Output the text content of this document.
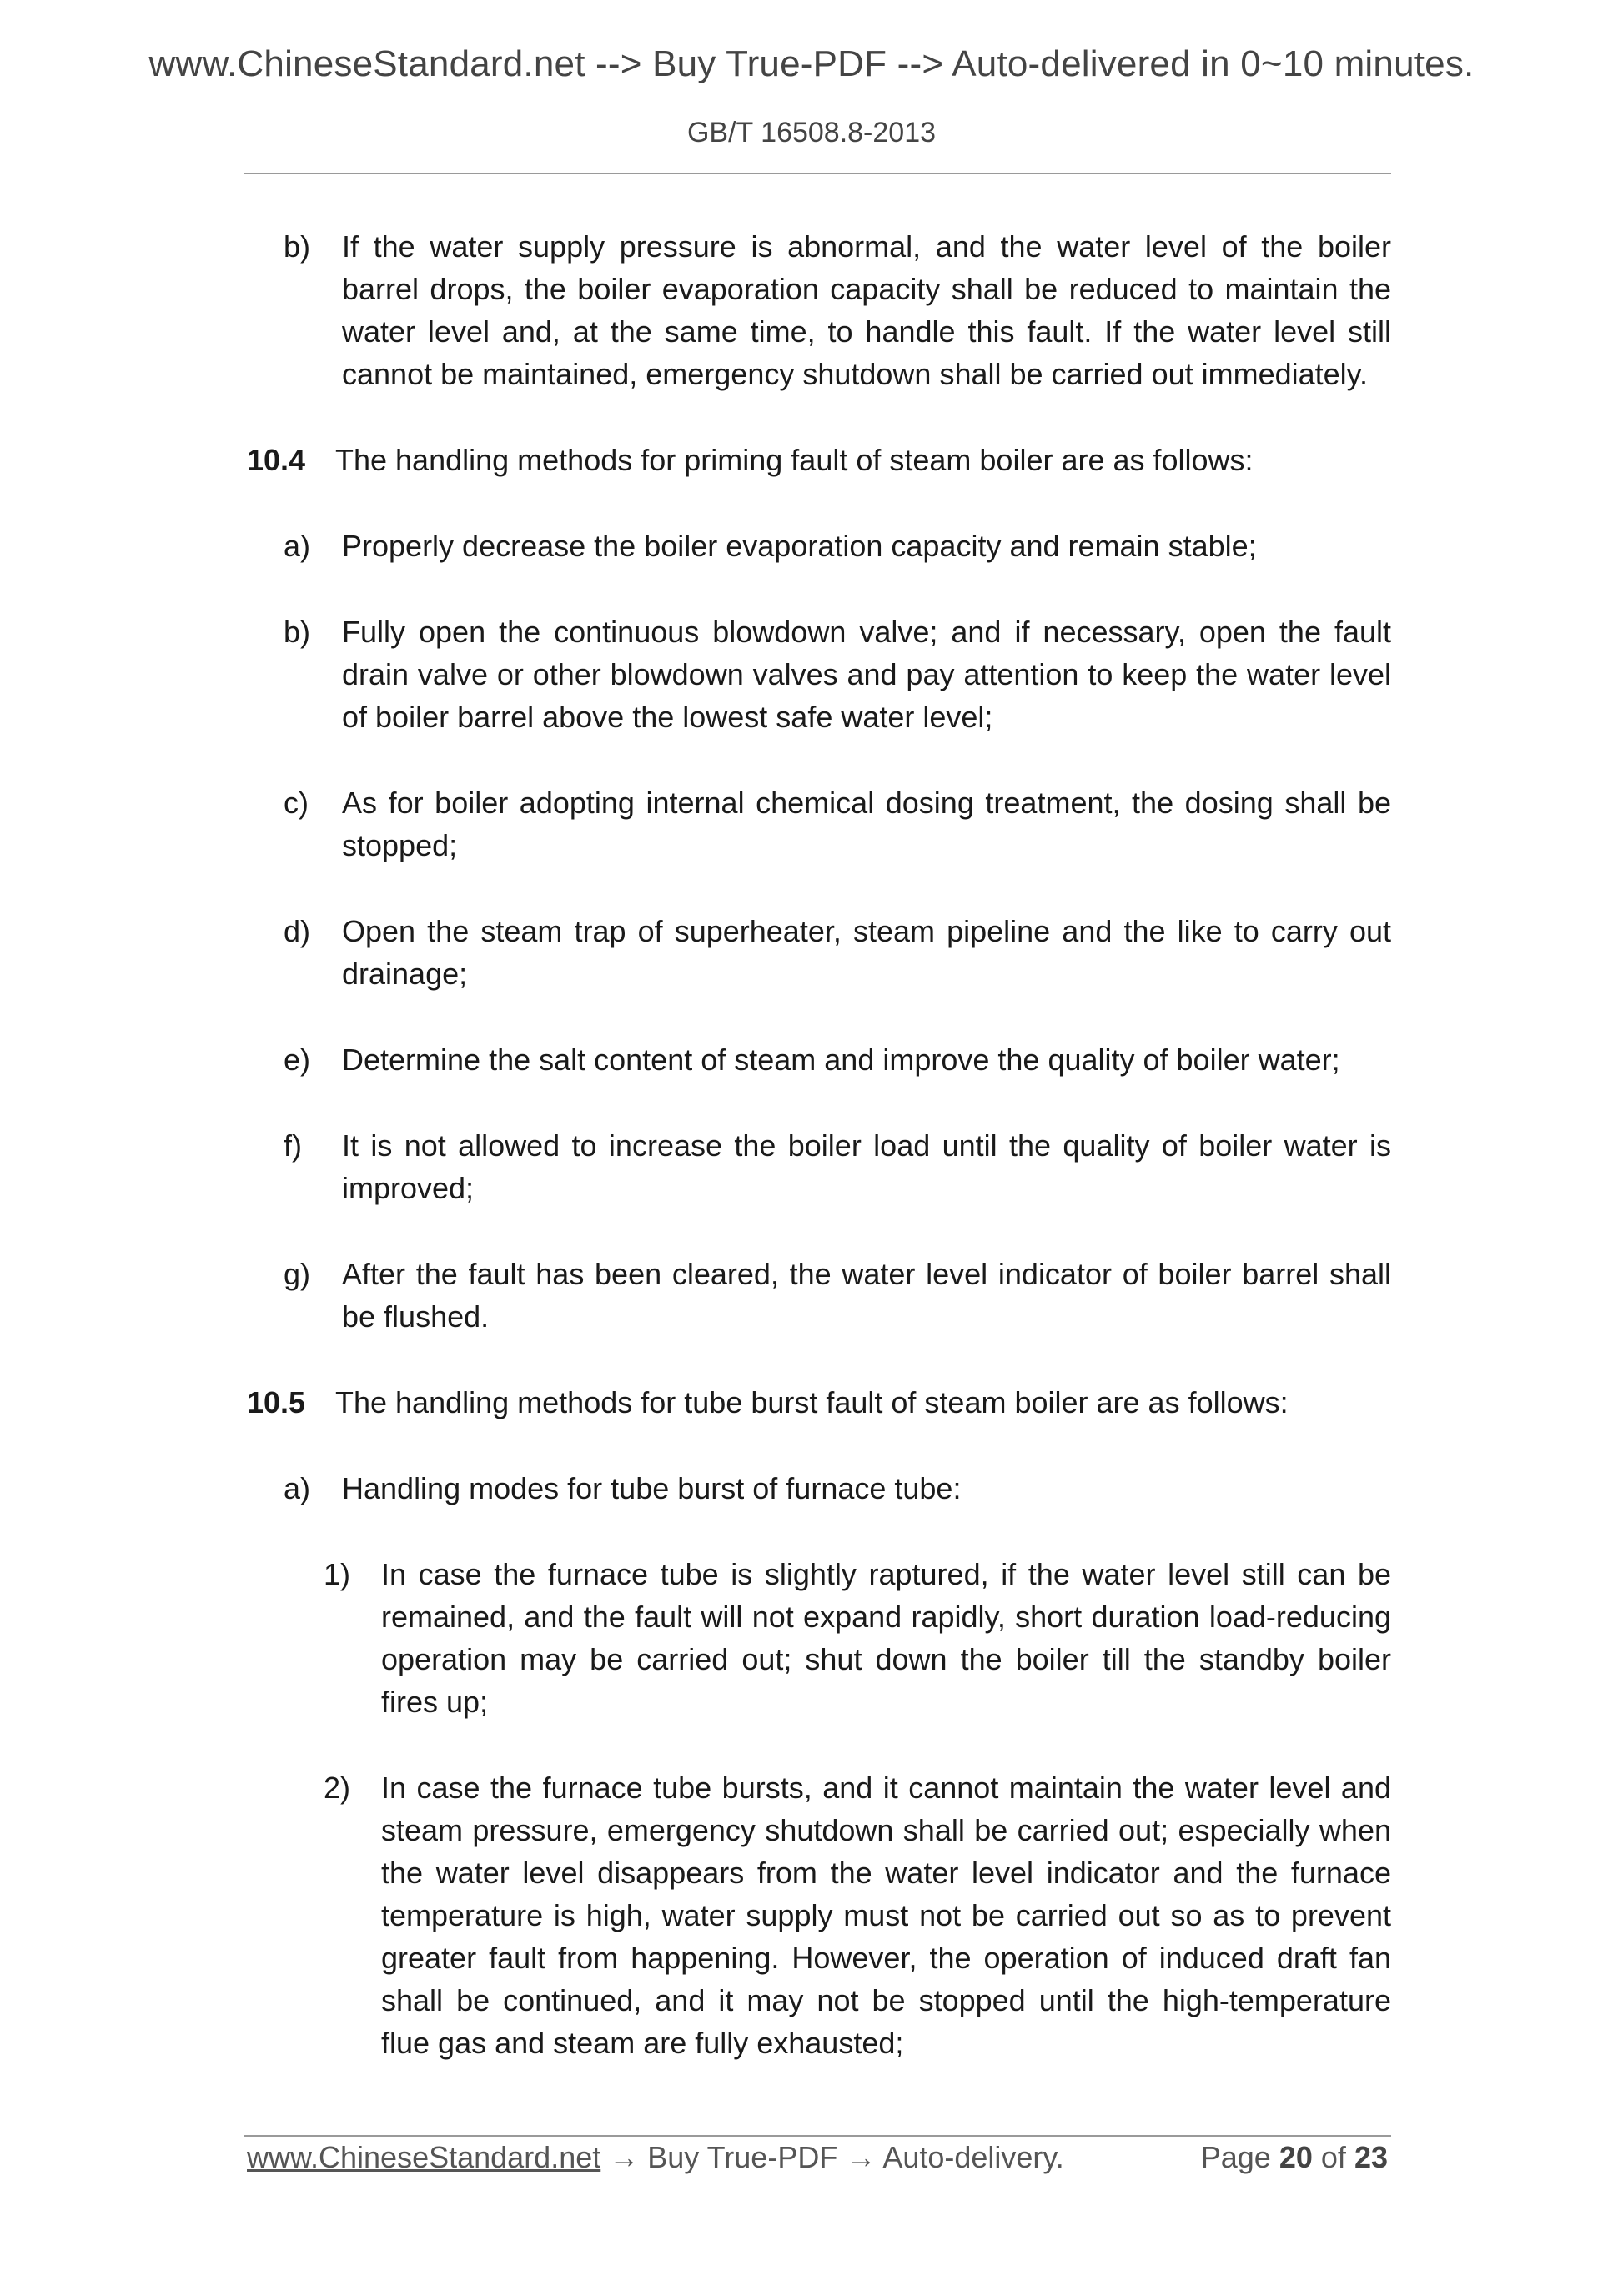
www.ChineseStandard.net --> Buy True-PDF --> Auto-delivered in 0~10 minutes.
GB/T 16508.8-2013
b) If the water supply pressure is abnormal, and the water level of the boiler barrel drops, the boiler evaporation capacity shall be reduced to maintain the water level and, at the same time, to handle this fault. If the water level still cannot be maintained, emergency shutdown shall be carried out immediately.
10.4 The handling methods for priming fault of steam boiler are as follows:
a) Properly decrease the boiler evaporation capacity and remain stable;
b) Fully open the continuous blowdown valve; and if necessary, open the fault drain valve or other blowdown valves and pay attention to keep the water level of boiler barrel above the lowest safe water level;
c) As for boiler adopting internal chemical dosing treatment, the dosing shall be stopped;
d) Open the steam trap of superheater, steam pipeline and the like to carry out drainage;
e) Determine the salt content of steam and improve the quality of boiler water;
f) It is not allowed to increase the boiler load until the quality of boiler water is improved;
g) After the fault has been cleared, the water level indicator of boiler barrel shall be flushed.
10.5 The handling methods for tube burst fault of steam boiler are as follows:
a) Handling modes for tube burst of furnace tube:
1) In case the furnace tube is slightly raptured, if the water level still can be remained, and the fault will not expand rapidly, short duration load-reducing operation may be carried out; shut down the boiler till the standby boiler fires up;
2) In case the furnace tube bursts, and it cannot maintain the water level and steam pressure, emergency shutdown shall be carried out; especially when the water level disappears from the water level indicator and the furnace temperature is high, water supply must not be carried out so as to prevent greater fault from happening. However, the operation of induced draft fan shall be continued, and it may not be stopped until the high-temperature flue gas and steam are fully exhausted;
www.ChineseStandard.net → Buy True-PDF → Auto-delivery.	Page 20 of 23
